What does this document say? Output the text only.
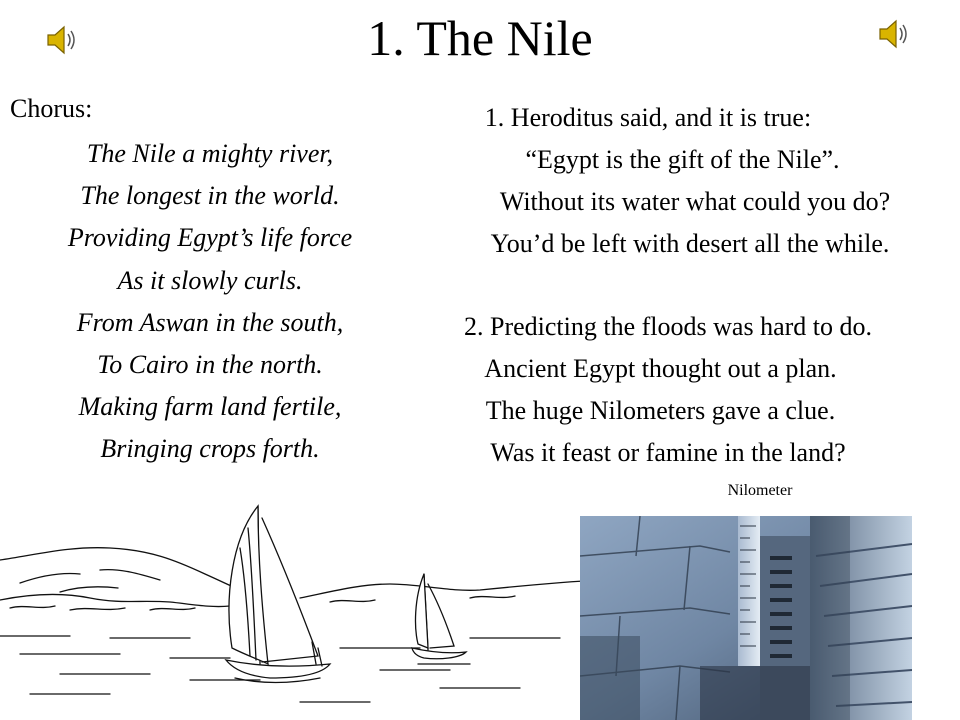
1. The Nile
Chorus:
The Nile a mighty river,
The longest in the world.
Providing Egypt’s life force
As it slowly curls.
From Aswan in the south,
To Cairo in the north.
Making farm land fertile,
Bringing crops forth.
1. Heroditus said, and it is true:
“Egypt is the gift of the Nile”.
Without its water what could you do?
You’d be left with desert all the while.
2. Predicting the floods was hard to do.
Ancient Egypt thought out a plan.
The huge Nilometers gave a clue.
Was it feast or famine in the land?
Nilometer
